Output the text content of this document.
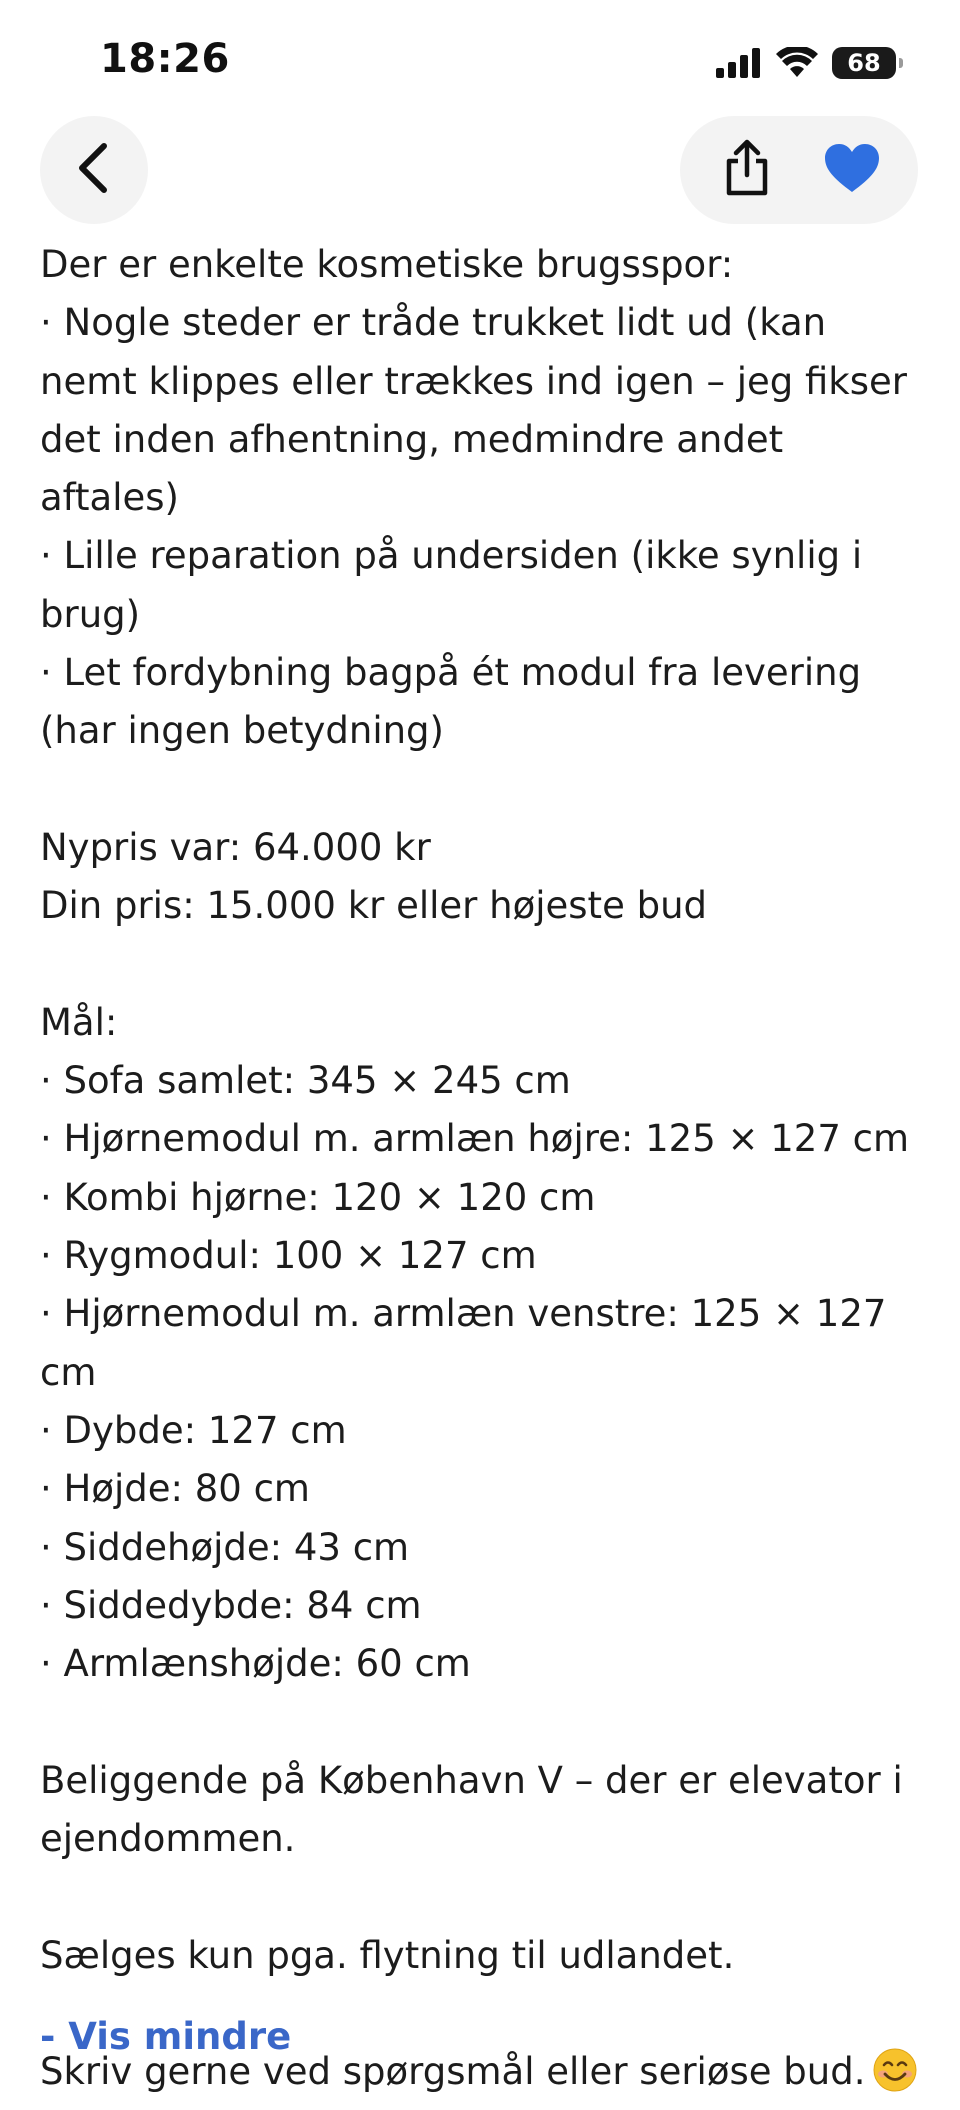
18:26	68

Der er enkelte kosmetiske brugsspor:
· Nogle steder er tråde trukket lidt ud (kan nemt klippes eller trækkes ind igen – jeg fikser det inden afhentning, medmindre andet aftales)
· Lille reparation på undersiden (ikke synlig i brug)
· Let fordybning bagpå ét modul fra levering (har ingen betydning)

Nypris var: 64.000 kr
Din pris: 15.000 kr eller højeste bud

Mål:
· Sofa samlet: 345 × 245 cm
· Hjørnemodul m. armlæn højre: 125 × 127 cm
· Kombi hjørne: 120 × 120 cm
· Rygmodul: 100 × 127 cm
· Hjørnemodul m. armlæn venstre: 125 × 127 cm
· Dybde: 127 cm
· Højde: 80 cm
· Siddehøjde: 43 cm
· Siddedybde: 84 cm
· Armlænshøjde: 60 cm

Beliggende på København V – der er elevator i ejendommen.

Sælges kun pga. flytning til udlandet.

Skriv gerne ved spørgsmål eller seriøse bud.

- Vis mindre
